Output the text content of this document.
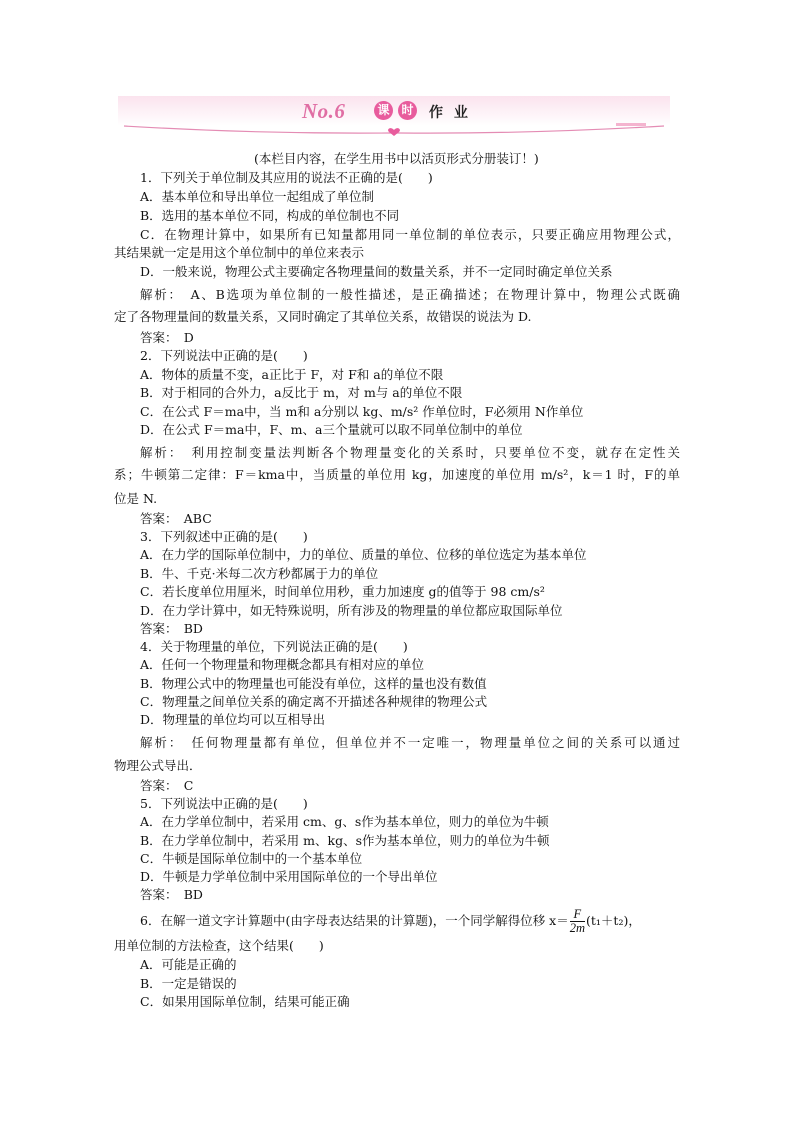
No.6	课 时 作 业
(本栏目内容，在学生用书中以活页形式分册装订！)
1．下列关于单位制及其应用的说法不正确的是(　　)
A．基本单位和导出单位一起组成了单位制
B．选用的基本单位不同，构成的单位制也不同
C．在物理计算中，如果所有已知量都用同一单位制的单位表示，只要正确应用物理公式，
其结果就一定是用这个单位制中的单位来表示
D．一般来说，物理公式主要确定各物理量间的数量关系，并不一定同时确定单位关系
解析：　A、B选项为单位制的一般性描述，是正确描述；在物理计算中，物理公式既确
定了各物理量间的数量关系，又同时确定了其单位关系，故错误的说法为 D.
答案：　D
2．下列说法中正确的是(　　)
A．物体的质量不变，a正比于 F，对 F和 a的单位不限
B．对于相同的合外力，a反比于 m，对 m与 a的单位不限
C．在公式 F＝ma中，当 m和 a分别以 kg、m/s² 作单位时，F必须用 N作单位
D．在公式 F＝ma中，F、m、a三个量就可以取不同单位制中的单位
解析：　利用控制变量法判断各个物理量变化的关系时，只要单位不变，就存在定性关
系；牛顿第二定律：F＝kma中，当质量的单位用 kg，加速度的单位用 m/s²，k＝1 时，F的单
位是 N.
答案：　ABC
3．下列叙述中正确的是(　　)
A．在力学的国际单位制中，力的单位、质量的单位、位移的单位选定为基本单位
B．牛、千克·米每二次方秒都属于力的单位
C．若长度单位用厘米，时间单位用秒，重力加速度 g的值等于 98 cm/s²
D．在力学计算中，如无特殊说明，所有涉及的物理量的单位都应取国际单位
答案：　BD
4．关于物理量的单位，下列说法正确的是(　　)
A．任何一个物理量和物理概念都具有相对应的单位
B．物理公式中的物理量也可能没有单位，这样的量也没有数值
C．物理量之间单位关系的确定离不开描述各种规律的物理公式
D．物理量的单位均可以互相导出
解析：　任何物理量都有单位，但单位并不一定唯一，物理量单位之间的关系可以通过
物理公式导出．
答案：　C
5．下列说法中正确的是(　　)
A．在力学单位制中，若采用 cm、g、s作为基本单位，则力的单位为牛顿
B．在力学单位制中，若采用 m、kg、s作为基本单位，则力的单位为牛顿
C．牛顿是国际单位制中的一个基本单位
D．牛顿是力学单位制中采用国际单位的一个导出单位
答案：　BD
6．在解一道文字计算题中(由字母表达结果的计算题)，一个同学解得位移 $x= \frac{F}{2m} (t_1+t_2)$，
用单位制的方法检查，这个结果(　　)
A．可能是正确的
B．一定是错误的
C．如果用国际单位制，结果可能正确
